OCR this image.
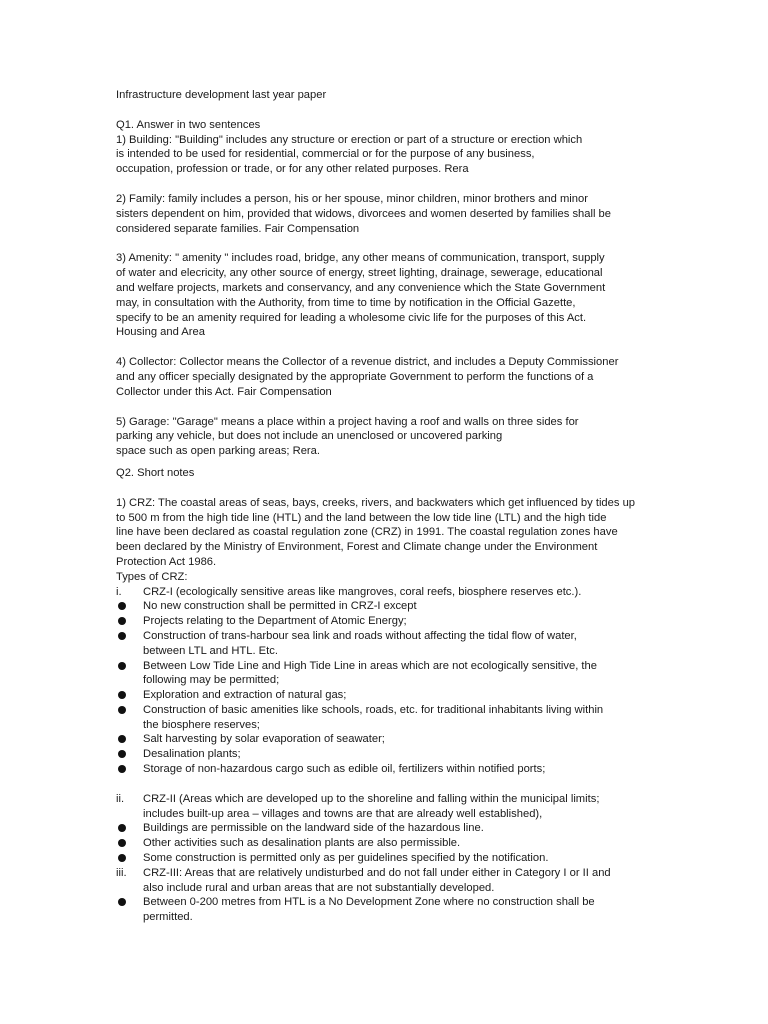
Infrastructure development last year paper
Q1. Answer in two sentences
1) Building: "Building" includes any structure or erection or part of a structure or erection which
is intended to be used for residential, commercial or for the purpose of any business,
occupation, profession or trade, or for any other related purposes. Rera
2) Family: family includes a person, his or her spouse, minor children, minor brothers and minor
sisters dependent on him, provided that widows, divorcees and women deserted by families shall be
considered separate families. Fair Compensation
3) Amenity: " amenity " includes road, bridge, any other means of communication, transport, supply
of water and elecricity, any other source of energy, street lighting, drainage, sewerage, educational
and welfare projects, markets and conservancy, and any convenience which the State Government
may, in consultation with the Authority, from time to time by notification in the Official Gazette,
specify to be an amenity required for leading a wholesome civic life for the purposes of this Act.
Housing and Area
4) Collector: Collector means the Collector of a revenue district, and includes a Deputy Commissioner
and any officer specially designated by the appropriate Government to perform the functions of a
Collector under this Act. Fair Compensation
5) Garage: "Garage" means a place within a project having a roof and walls on three sides for
parking any vehicle, but does not include an unenclosed or uncovered parking
space such as open parking areas; Rera.
Q2. Short notes
1) CRZ: The coastal areas of seas, bays, creeks, rivers, and backwaters which get influenced by tides up
to 500 m from the high tide line (HTL) and the land between the low tide line (LTL) and the high tide
line have been declared as coastal regulation zone (CRZ) in 1991. The coastal regulation zones have
been declared by the Ministry of Environment, Forest and Climate change under the Environment
Protection Act 1986.
Types of CRZ:
i.	CRZ-I (ecologically sensitive areas like mangroves, coral reefs, biosphere reserves etc.).
No new construction shall be permitted in CRZ-I except
Projects relating to the Department of Atomic Energy;
Construction of trans-harbour sea link and roads without affecting the tidal flow of water,
between LTL and HTL. Etc.
Between Low Tide Line and High Tide Line in areas which are not ecologically sensitive, the
following may be permitted;
Exploration and extraction of natural gas;
Construction of basic amenities like schools, roads, etc. for traditional inhabitants living within
the biosphere reserves;
Salt harvesting by solar evaporation of seawater;
Desalination plants;
Storage of non-hazardous cargo such as edible oil, fertilizers within notified ports;
ii.	CRZ-II (Areas which are developed up to the shoreline and falling within the municipal limits;
includes built-up area – villages and towns are that are already well established),
Buildings are permissible on the landward side of the hazardous line.
Other activities such as desalination plants are also permissible.
Some construction is permitted only as per guidelines specified by the notification.
iii.	CRZ-III: Areas that are relatively undisturbed and do not fall under either in Category I or II and
also include rural and urban areas that are not substantially developed.
Between 0-200 metres from HTL is a No Development Zone where no construction shall be
permitted.
